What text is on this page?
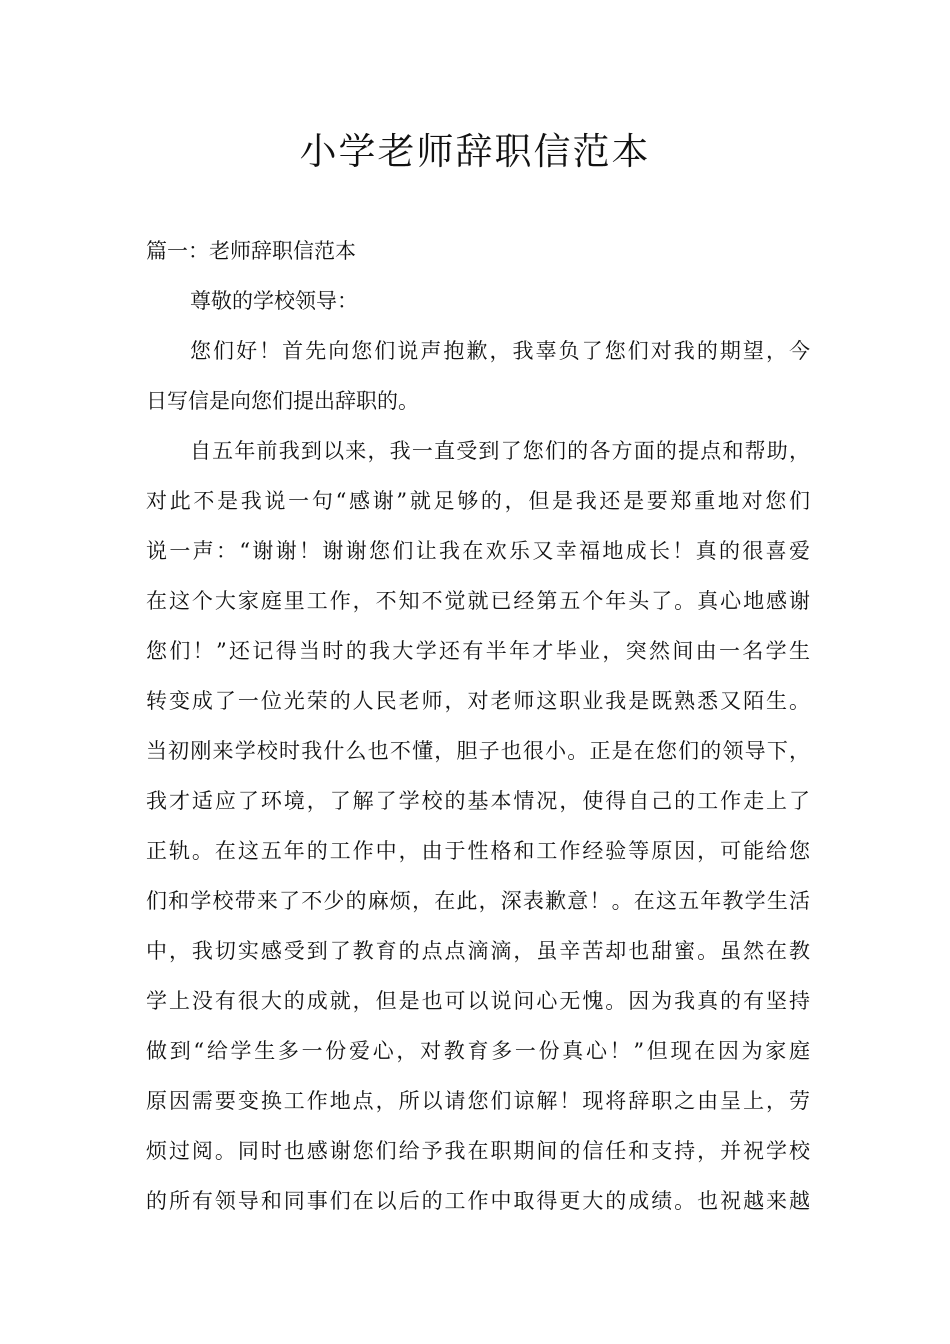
小学老师辞职信范本
篇一：老师辞职信范本
尊敬的学校领导：
您们好！首先向您们说声抱歉，我辜负了您们对我的期望，今
日写信是向您们提出辞职的。
自五年前我到以来，我一直受到了您们的各方面的提点和帮助，
对此不是我说一句“感谢”就足够的，但是我还是要郑重地对您们
说一声：“谢谢！谢谢您们让我在欢乐又幸福地成长！真的很喜爱
在这个大家庭里工作，不知不觉就已经第五个年头了。真心地感谢
您们！”还记得当时的我大学还有半年才毕业，突然间由一名学生
转变成了一位光荣的人民老师，对老师这职业我是既熟悉又陌生。
当初刚来学校时我什么也不懂，胆子也很小。正是在您们的领导下，
我才适应了环境，了解了学校的基本情况，使得自己的工作走上了
正轨。在这五年的工作中，由于性格和工作经验等原因，可能给您
们和学校带来了不少的麻烦，在此，深表歉意！。在这五年教学生活
中，我切实感受到了教育的点点滴滴，虽辛苦却也甜蜜。虽然在教
学上没有很大的成就，但是也可以说问心无愧。因为我真的有坚持
做到“给学生多一份爱心，对教育多一份真心！”但现在因为家庭
原因需要变换工作地点，所以请您们谅解！现将辞职之由呈上，劳
烦过阅。同时也感谢您们给予我在职期间的信任和支持，并祝学校
的所有领导和同事们在以后的工作中取得更大的成绩。也祝越来越
